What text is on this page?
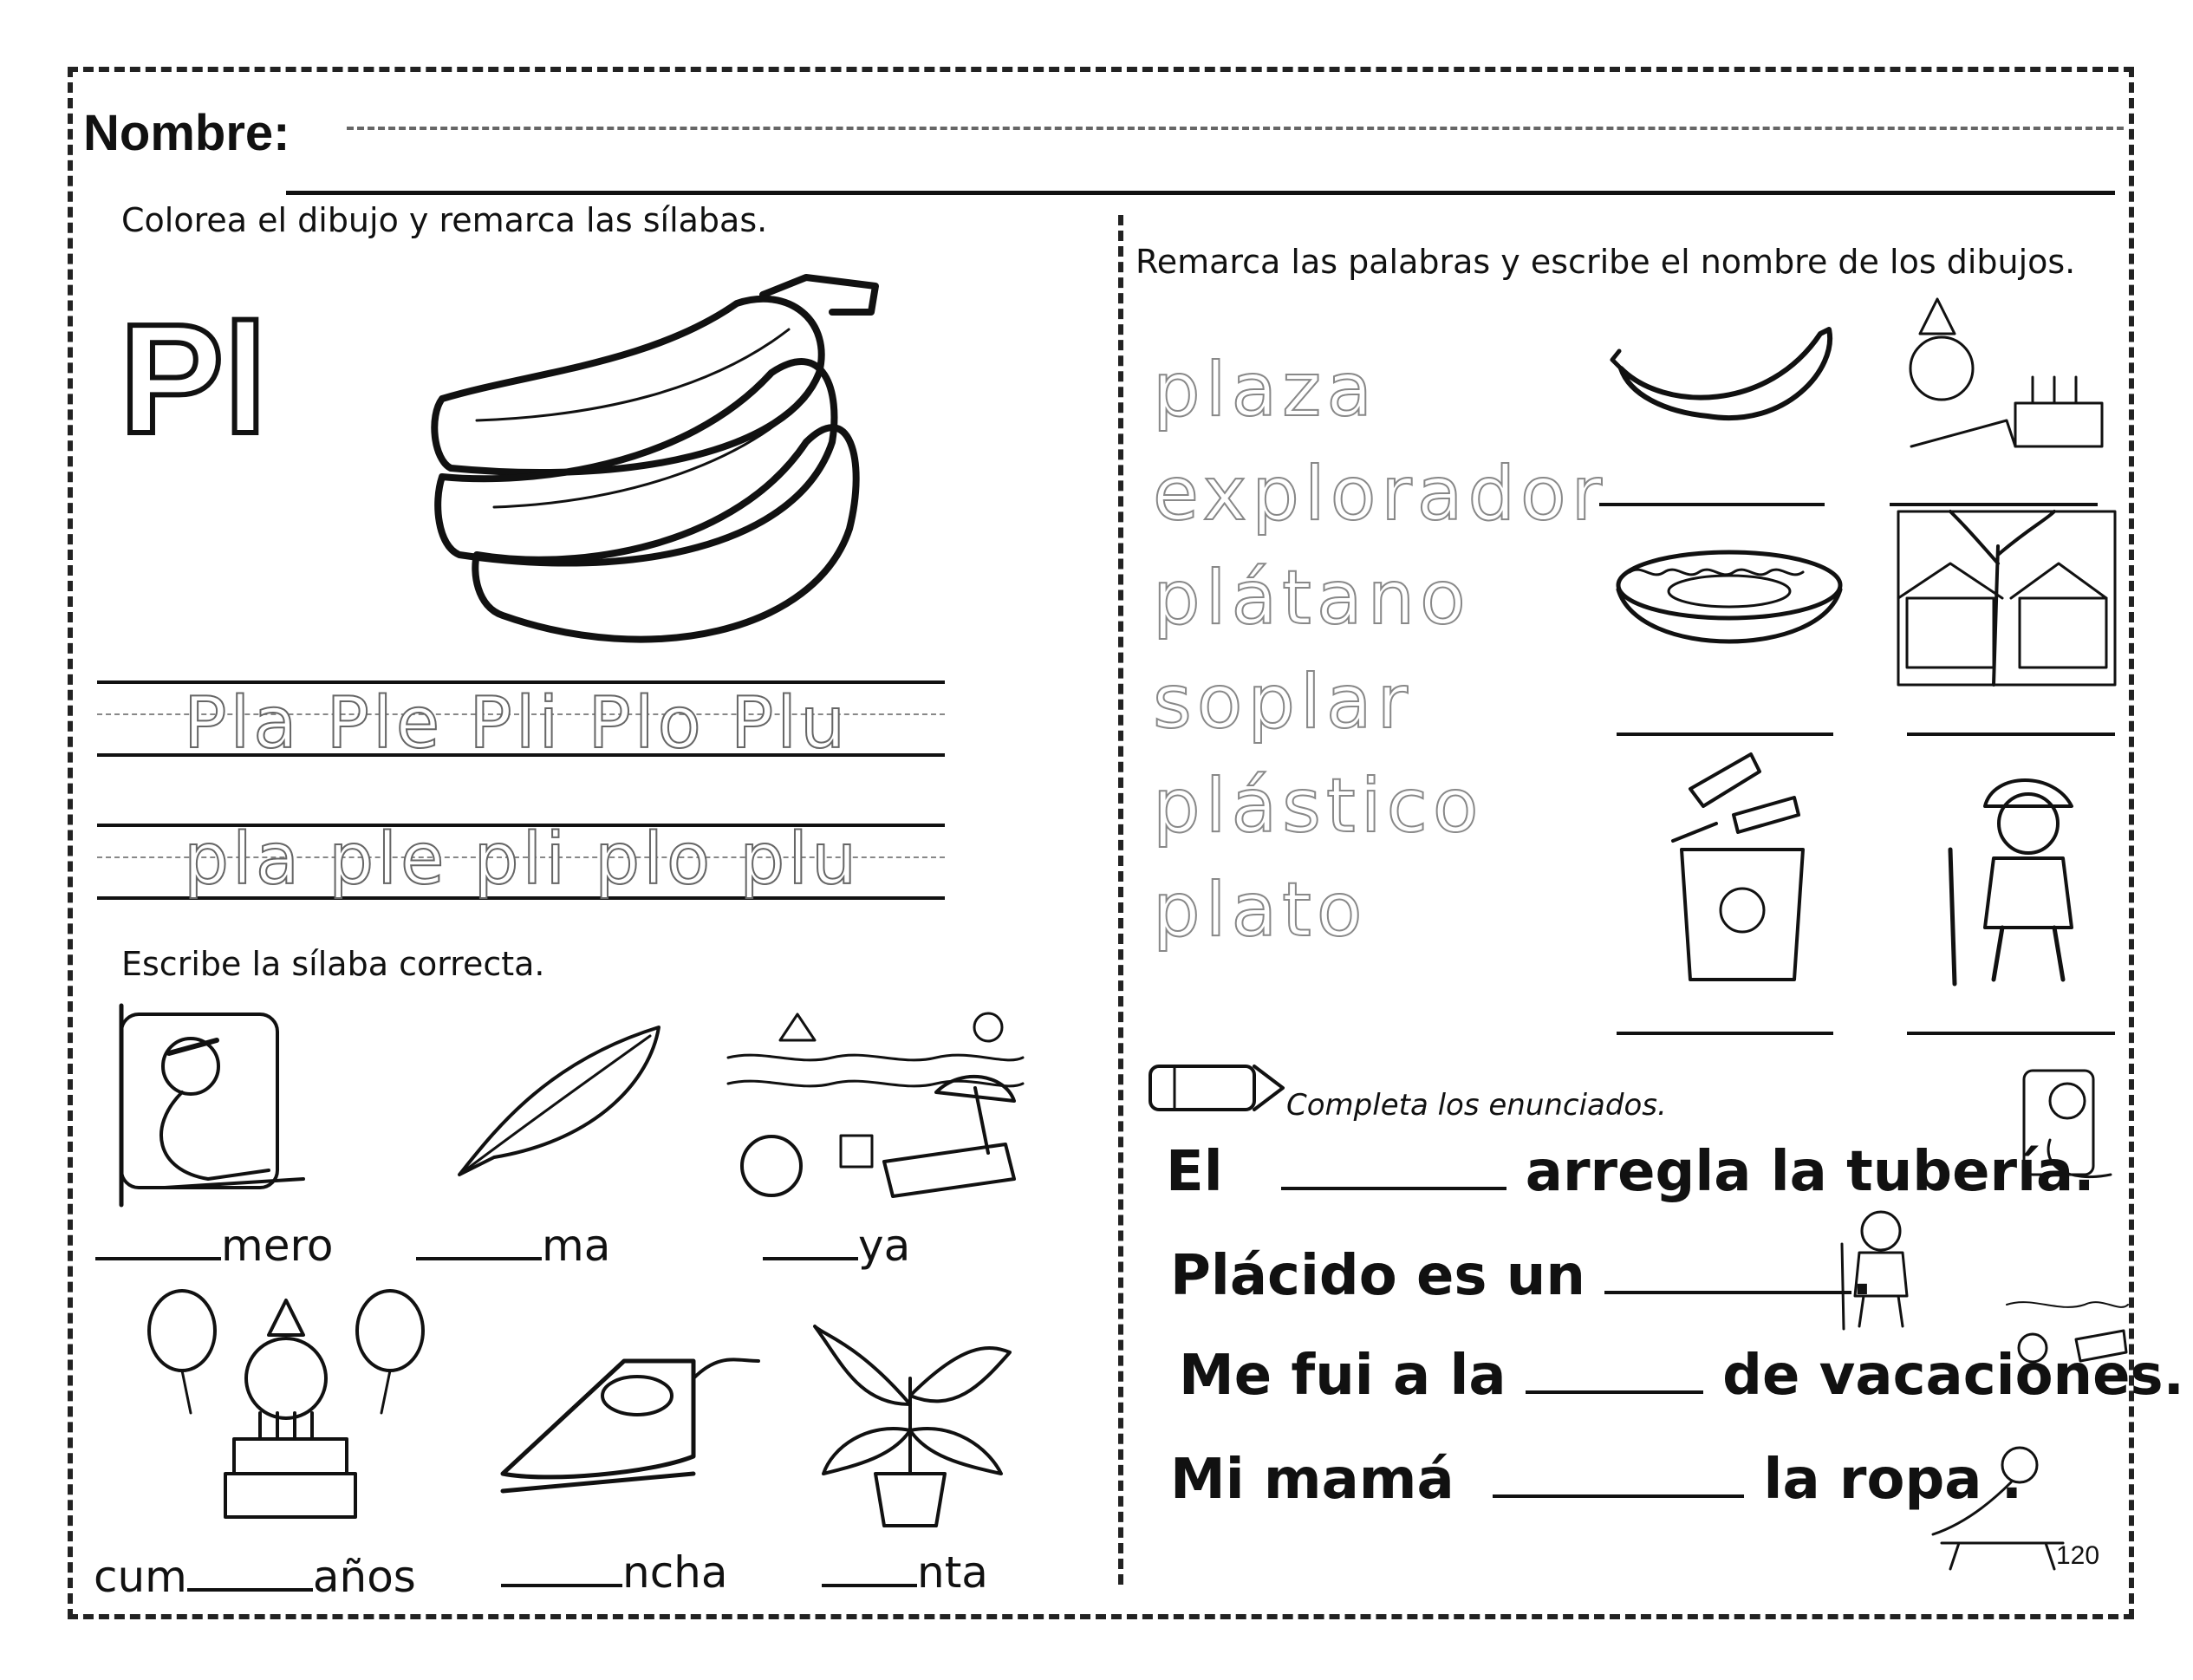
Nombre:
Colorea el dibujo y remarca las sílabas.
Pl
Pla Ple Pli Plo Plu
pla ple pli plo plu
Escribe la sílaba correcta.
mero	ma	ya
cum	años	ncha	nta
Remarca las palabras y escribe el nombre de los dibujos.
plaza
explorador
plátano
soplar
plástico
plato
Completa los enunciados.
El	arregla la tubería.
Plácido es un	.
Me fui a la	de vacaciones.
Mi mamá	la ropa .
120
